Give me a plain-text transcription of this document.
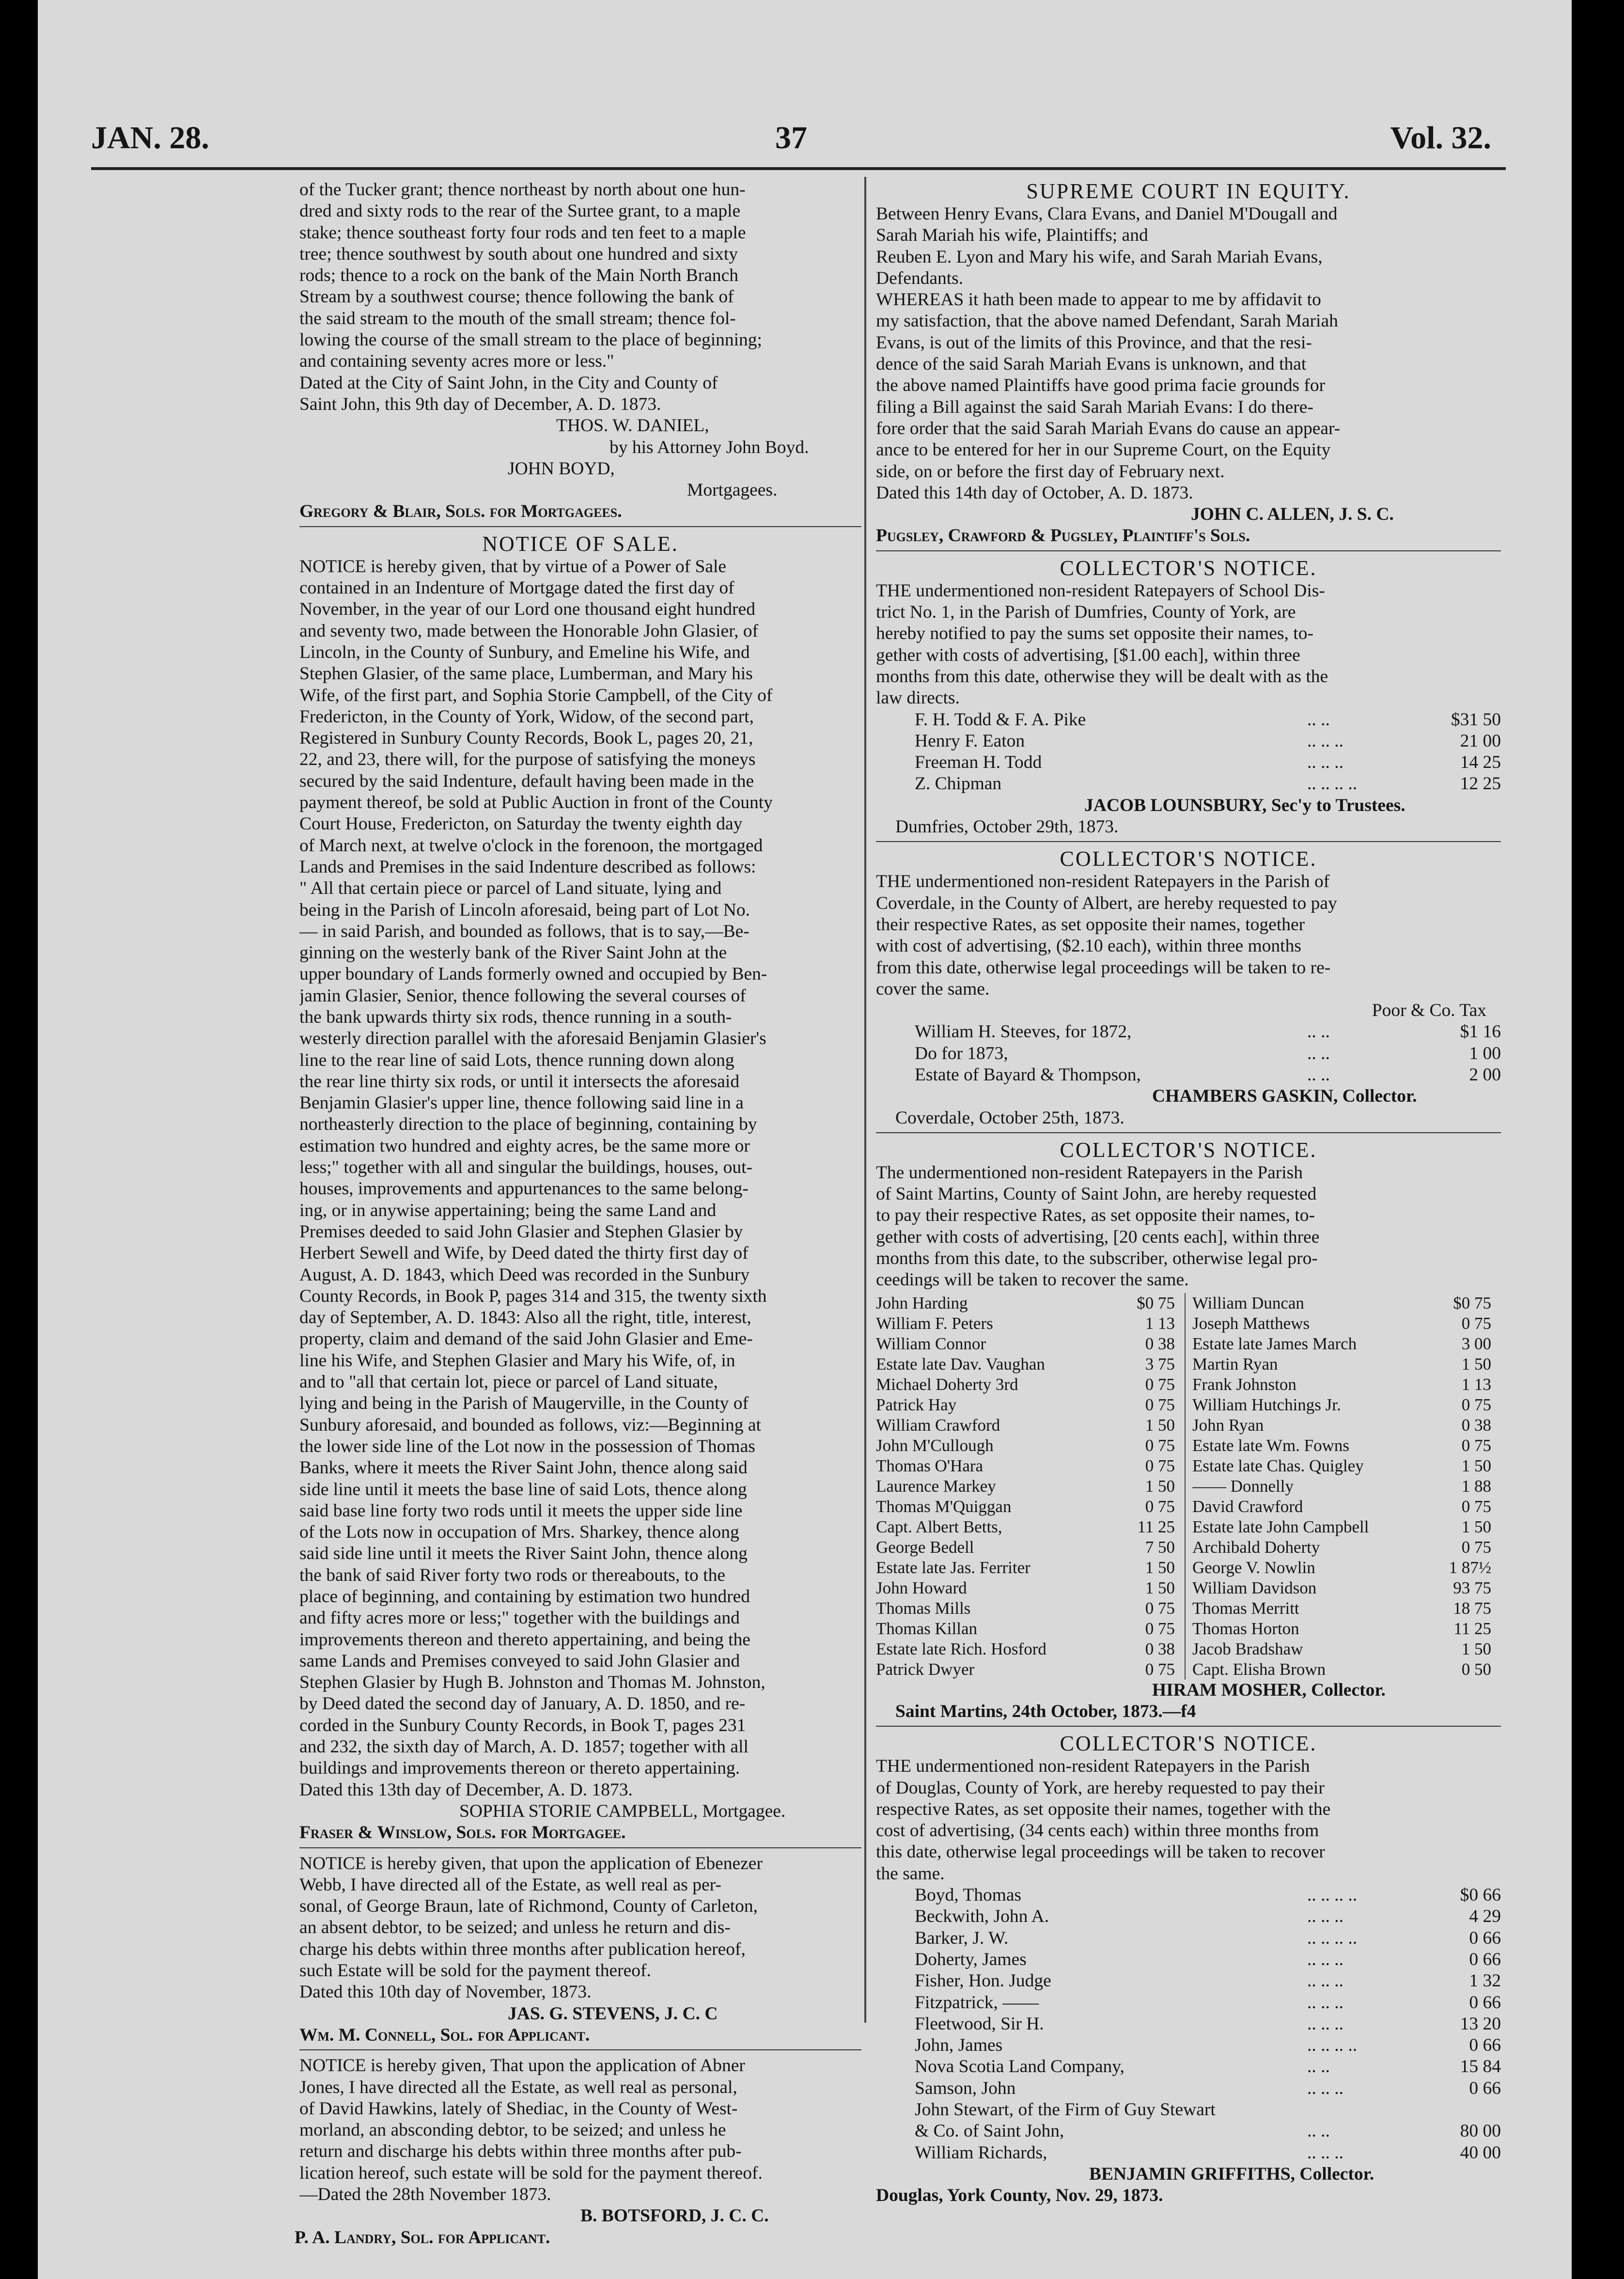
JAN. 28.	37	Vol. 32.
of the Tucker grant; thence northeast by north about one hun-
dred and sixty rods to the rear of the Surtee grant, to a maple
stake; thence southeast forty four rods and ten feet to a maple
tree; thence southwest by south about one hundred and sixty
rods; thence to a rock on the bank of the Main North Branch
Stream by a southwest course; thence following the bank of
the said stream to the mouth of the small stream; thence fol-
lowing the course of the small stream to the place of beginning;
and containing seventy acres more or less."
Dated at the City of Saint John, in the City and County of
Saint John, this 9th day of December, A. D. 1873.
THOS. W. DANIEL,
by his Attorney John Boyd.
JOHN BOYD,
Mortgagees.
Gregory & Blair, Sols. for Mortgagees.
NOTICE OF SALE.
NOTICE is hereby given, that by virtue of a Power of Sale
contained in an Indenture of Mortgage dated the first day of
November, in the year of our Lord one thousand eight hundred
and seventy two, made between the Honorable John Glasier, of
Lincoln, in the County of Sunbury, and Emeline his Wife, and
Stephen Glasier, of the same place, Lumberman, and Mary his
Wife, of the first part, and Sophia Storie Campbell, of the City of
Fredericton, in the County of York, Widow, of the second part,
Registered in Sunbury County Records, Book L, pages 20, 21,
22, and 23, there will, for the purpose of satisfying the moneys
secured by the said Indenture, default having been made in the
payment thereof, be sold at Public Auction in front of the County
Court House, Fredericton, on Saturday the twenty eighth day
of March next, at twelve o'clock in the forenoon, the mortgaged
Lands and Premises in the said Indenture described as follows:
" All that certain piece or parcel of Land situate, lying and
being in the Parish of Lincoln aforesaid, being part of Lot No.
— in said Parish, and bounded as follows, that is to say,—Be-
ginning on the westerly bank of the River Saint John at the
upper boundary of Lands formerly owned and occupied by Ben-
jamin Glasier, Senior, thence following the several courses of
the bank upwards thirty six rods, thence running in a south-
westerly direction parallel with the aforesaid Benjamin Glasier's
line to the rear line of said Lots, thence running down along
the rear line thirty six rods, or until it intersects the aforesaid
Benjamin Glasier's upper line, thence following said line in a
northeasterly direction to the place of beginning, containing by
estimation two hundred and eighty acres, be the same more or
less;" together with all and singular the buildings, houses, out-
houses, improvements and appurtenances to the same belong-
ing, or in anywise appertaining; being the same Land and
Premises deeded to said John Glasier and Stephen Glasier by
Herbert Sewell and Wife, by Deed dated the thirty first day of
August, A. D. 1843, which Deed was recorded in the Sunbury
County Records, in Book P, pages 314 and 315, the twenty sixth
day of September, A. D. 1843: Also all the right, title, interest,
property, claim and demand of the said John Glasier and Eme-
line his Wife, and Stephen Glasier and Mary his Wife, of, in
and to "all that certain lot, piece or parcel of Land situate,
lying and being in the Parish of Maugerville, in the County of
Sunbury aforesaid, and bounded as follows, viz:—Beginning at
the lower side line of the Lot now in the possession of Thomas
Banks, where it meets the River Saint John, thence along said
side line until it meets the base line of said Lots, thence along
said base line forty two rods until it meets the upper side line
of the Lots now in occupation of Mrs. Sharkey, thence along
said side line until it meets the River Saint John, thence along
the bank of said River forty two rods or thereabouts, to the
place of beginning, and containing by estimation two hundred
and fifty acres more or less;" together with the buildings and
improvements thereon and thereto appertaining, and being the
same Lands and Premises conveyed to said John Glasier and
Stephen Glasier by Hugh B. Johnston and Thomas M. Johnston,
by Deed dated the second day of January, A. D. 1850, and re-
corded in the Sunbury County Records, in Book T, pages 231
and 232, the sixth day of March, A. D. 1857; together with all
buildings and improvements thereon or thereto appertaining.
Dated this 13th day of December, A. D. 1873.
SOPHIA STORIE CAMPBELL, Mortgagee.
Fraser & Winslow, Sols. for Mortgagee.
NOTICE is hereby given, that upon the application of Ebenezer
Webb, I have directed all of the Estate, as well real as per-
sonal, of George Braun, late of Richmond, County of Carleton,
an absent debtor, to be seized; and unless he return and dis-
charge his debts within three months after publication hereof,
such Estate will be sold for the payment thereof.
Dated this 10th day of November, 1873.
JAS. G. STEVENS, J. C. C
Wm. M. Connell, Sol. for Applicant.
NOTICE is hereby given, That upon the application of Abner
Jones, I have directed all the Estate, as well real as personal,
of David Hawkins, lately of Shediac, in the County of West-
morland, an absconding debtor, to be seized; and unless he
return and discharge his debts within three months after pub-
lication hereof, such estate will be sold for the payment thereof.
—Dated the 28th November 1873.
B. BOTSFORD, J. C. C.
P. A. Landry, Sol. for Applicant.
SUPREME COURT IN EQUITY.
Between Henry Evans, Clara Evans, and Daniel M'Dougall and
Sarah Mariah his wife, Plaintiffs; and
Reuben E. Lyon and Mary his wife, and Sarah Mariah Evans,
Defendants.
WHEREAS it hath been made to appear to me by affidavit to
my satisfaction, that the above named Defendant, Sarah Mariah
Evans, is out of the limits of this Province, and that the resi-
dence of the said Sarah Mariah Evans is unknown, and that
the above named Plaintiffs have good prima facie grounds for
filing a Bill against the said Sarah Mariah Evans: I do there-
fore order that the said Sarah Mariah Evans do cause an appear-
ance to be entered for her in our Supreme Court, on the Equity
side, on or before the first day of February next.
Dated this 14th day of October, A. D. 1873.
JOHN C. ALLEN, J. S. C.
Pugsley, Crawford & Pugsley, Plaintiff's Sols.
COLLECTOR'S NOTICE.
THE undermentioned non-resident Ratepayers of School Dis-
trict No. 1, in the Parish of Dumfries, County of York, are
hereby notified to pay the sums set opposite their names, to-
gether with costs of advertising, [$1.00 each], within three
months from this date, otherwise they will be dealt with as the
law directs.
F. H. Todd & F. A. Pike	.. ..	$31 50
Henry F. Eaton	.. .. ..	21 00
Freeman H. Todd	.. .. ..	14 25
Z. Chipman	.. .. .. ..	12 25
JACOB LOUNSBURY, Sec'y to Trustees.
Dumfries, October 29th, 1873.
COLLECTOR'S NOTICE.
THE undermentioned non-resident Ratepayers in the Parish of
Coverdale, in the County of Albert, are hereby requested to pay
their respective Rates, as set opposite their names, together
with cost of advertising, ($2.10 each), within three months
from this date, otherwise legal proceedings will be taken to re-
cover the same.
Poor & Co. Tax
William H. Steeves, for 1872,	.. ..	$1 16
Do for 1873,	.. ..	1 00
Estate of Bayard & Thompson,	.. ..	2 00
CHAMBERS GASKIN, Collector.
Coverdale, October 25th, 1873.
COLLECTOR'S NOTICE.
The undermentioned non-resident Ratepayers in the Parish
of Saint Martins, County of Saint John, are hereby requested
to pay their respective Rates, as set opposite their names, to-
gether with costs of advertising, [20 cents each], within three
months from this date, to the subscriber, otherwise legal pro-
ceedings will be taken to recover the same.
John Harding	$0 75
William F. Peters	1 13
William Connor	0 38
Estate late Dav. Vaughan	3 75
Michael Doherty 3rd	0 75
Patrick Hay	0 75
William Crawford	1 50
John M'Cullough	0 75
Thomas O'Hara	0 75
Laurence Markey	1 50
Thomas M'Quiggan	0 75
Capt. Albert Betts,	11 25
George Bedell	7 50
Estate late Jas. Ferriter	1 50
John Howard	1 50
Thomas Mills	0 75
Thomas Killan	0 75
Estate late Rich. Hosford	0 38
Patrick Dwyer	0 75
William Duncan	$0 75
Joseph Matthews	0 75
Estate late James March	3 00
Martin Ryan	1 50
Frank Johnston	1 13
William Hutchings Jr.	0 75
John Ryan	0 38
Estate late Wm. Fowns	0 75
Estate late Chas. Quigley	1 50
—— Donnelly	1 88
David Crawford	0 75
Estate late John Campbell	1 50
Archibald Doherty	0 75
George V. Nowlin	1 87½
William Davidson	93 75
Thomas Merritt	18 75
Thomas Horton	11 25
Jacob Bradshaw	1 50
Capt. Elisha Brown	0 50
HIRAM MOSHER, Collector.
Saint Martins, 24th October, 1873.—f4
COLLECTOR'S NOTICE.
THE undermentioned non-resident Ratepayers in the Parish
of Douglas, County of York, are hereby requested to pay their
respective Rates, as set opposite their names, together with the
cost of advertising, (34 cents each) within three months from
this date, otherwise legal proceedings will be taken to recover
the same.
Boyd, Thomas	.. .. .. ..	$0 66
Beckwith, John A.	.. .. ..	4 29
Barker, J. W.	.. .. .. ..	0 66
Doherty, James	.. .. ..	0 66
Fisher, Hon. Judge	.. .. ..	1 32
Fitzpatrick, ——	.. .. ..	0 66
Fleetwood, Sir H.	.. .. ..	13 20
John, James	.. .. .. ..	0 66
Nova Scotia Land Company,	.. ..	15 84
Samson, John	.. .. ..	0 66
John Stewart, of the Firm of Guy Stewart
& Co. of Saint John,	.. ..	80 00
William Richards,	.. .. ..	40 00
BENJAMIN GRIFFITHS, Collector.
Douglas, York County, Nov. 29, 1873.
